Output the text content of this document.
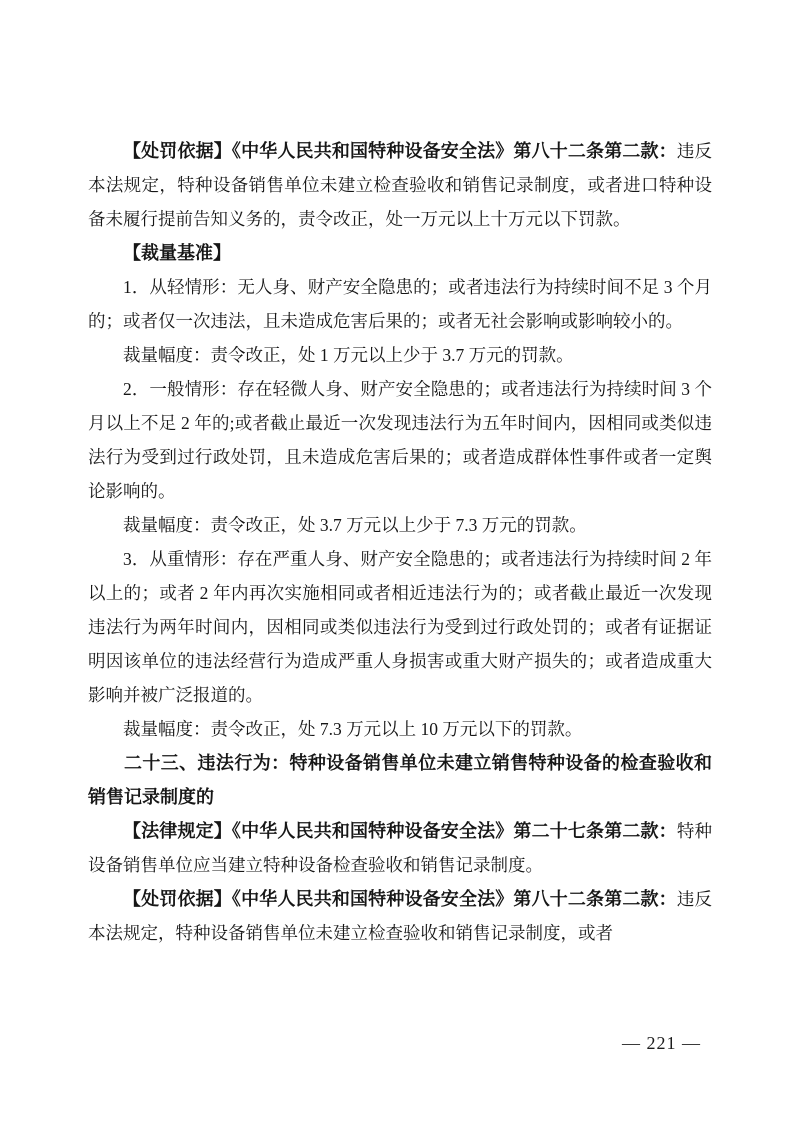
【处罚依据】《中华人民共和国特种设备安全法》第八十二条第二款：违反本法规定，特种设备销售单位未建立检查验收和销售记录制度，或者进口特种设备未履行提前告知义务的，责令改正，处一万元以上十万元以下罚款。

【裁量基准】

1．从轻情形：无人身、财产安全隐患的；或者违法行为持续时间不足 3 个月的；或者仅一次违法，且未造成危害后果的；或者无社会影响或影响较小的。

裁量幅度：责令改正，处 1 万元以上少于 3.7 万元的罚款。

2．一般情形：存在轻微人身、财产安全隐患的；或者违法行为持续时间 3 个月以上不足 2 年的;或者截止最近一次发现违法行为五年时间内，因相同或类似违法行为受到过行政处罚，且未造成危害后果的；或者造成群体性事件或者一定舆论影响的。

裁量幅度：责令改正，处 3.7 万元以上少于 7.3 万元的罚款。

3．从重情形：存在严重人身、财产安全隐患的；或者违法行为持续时间 2 年以上的；或者 2 年内再次实施相同或者相近违法行为的；或者截止最近一次发现违法行为两年时间内，因相同或类似违法行为受到过行政处罚的；或者有证据证明因该单位的违法经营行为造成严重人身损害或重大财产损失的；或者造成重大影响并被广泛报道的。

裁量幅度：责令改正，处 7.3 万元以上 10 万元以下的罚款。

二十三、违法行为：特种设备销售单位未建立销售特种设备的检查验收和销售记录制度的

【法律规定】《中华人民共和国特种设备安全法》第二十七条第二款：特种设备销售单位应当建立特种设备检查验收和销售记录制度。

【处罚依据】《中华人民共和国特种设备安全法》第八十二条第二款：违反本法规定，特种设备销售单位未建立检查验收和销售记录制度，或者

— 221 —
